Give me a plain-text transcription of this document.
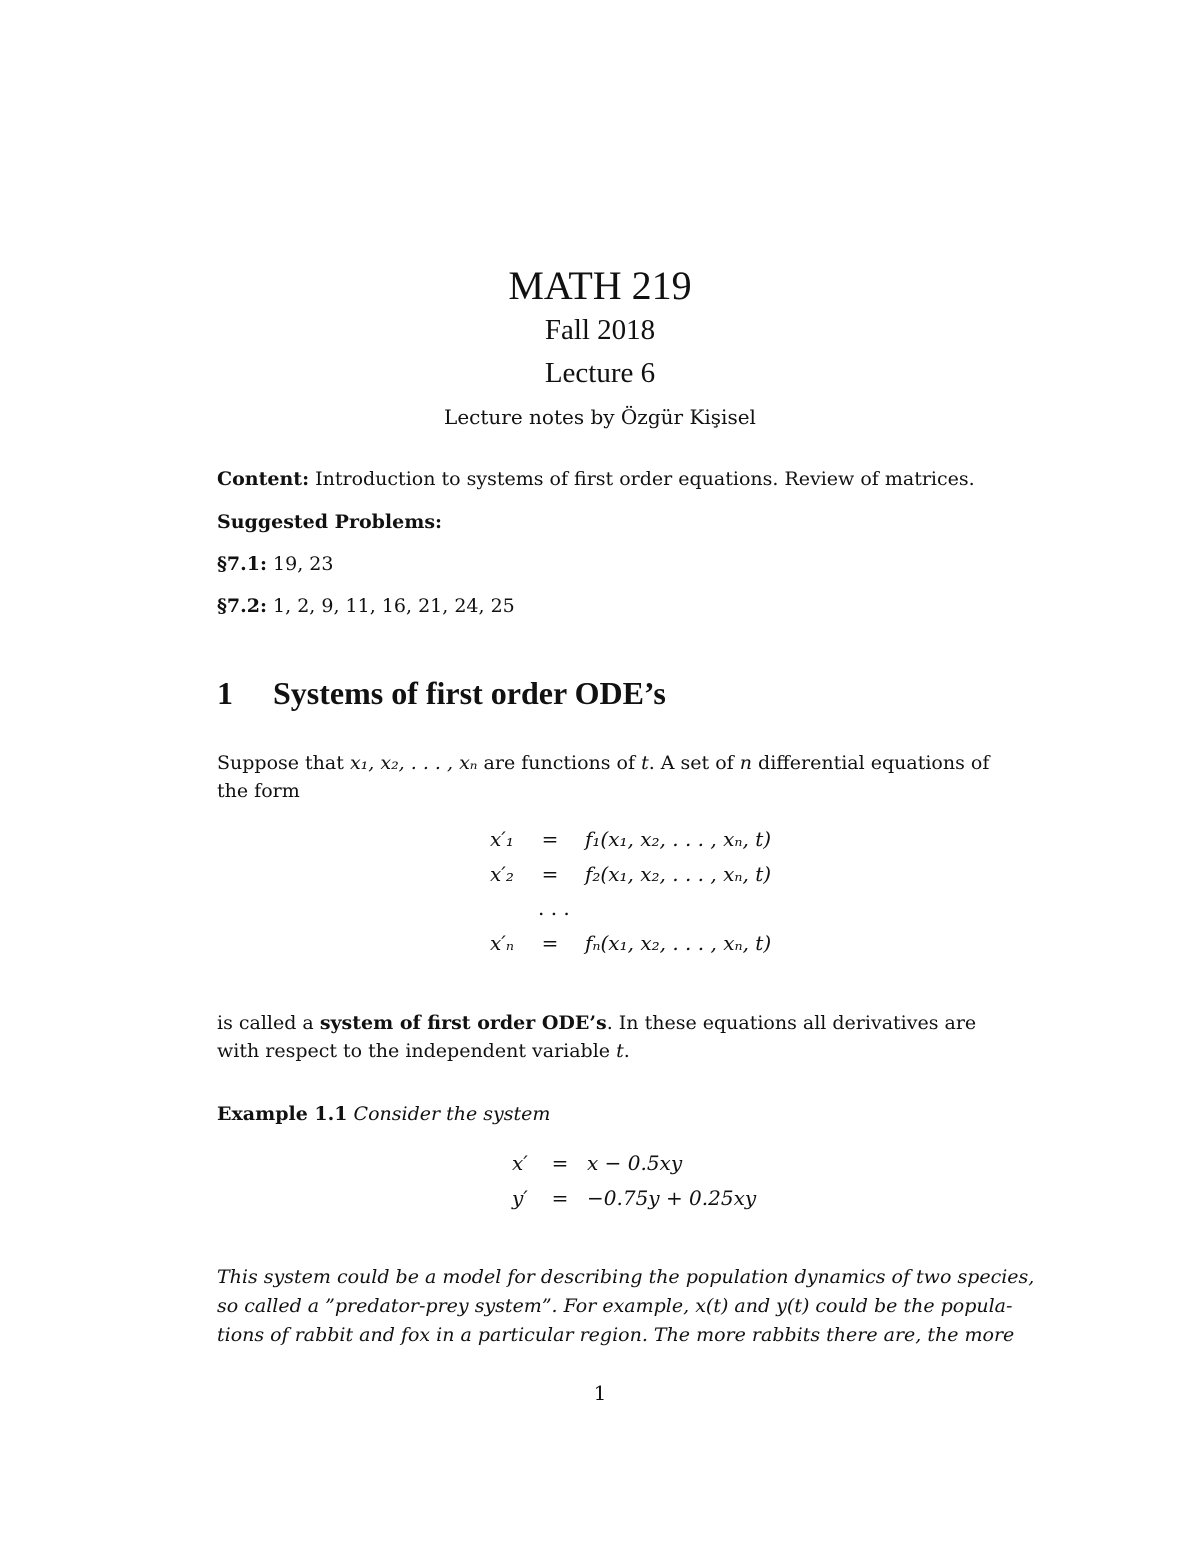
MATH 219
Fall 2018
Lecture 6
Lecture notes by Özgür Kişisel
Content: Introduction to systems of first order equations. Review of matrices.
Suggested Problems:
§7.1: 19, 23
§7.2: 1, 2, 9, 11, 16, 21, 24, 25
1 Systems of first order ODE’s
Suppose that x₁, x₂, . . . , xₙ are functions of t. A set of n differential equations of
the form
x′₁	= f₁(x₁, x₂, . . . , xₙ, t)
x′₂	= f₂(x₁, x₂, . . . , xₙ, t)
. . .
x′ₙ	= fₙ(x₁, x₂, . . . , xₙ, t)
is called a system of first order ODE’s. In these equations all derivatives are
with respect to the independent variable t.
Example 1.1 Consider the system
x′	= x − 0.5xy
y′	= −0.75y + 0.25xy
This system could be a model for describing the population dynamics of two species,
so called a ”predator-prey system”. For example, x(t) and y(t) could be the popula-
tions of rabbit and fox in a particular region. The more rabbits there are, the more
1
